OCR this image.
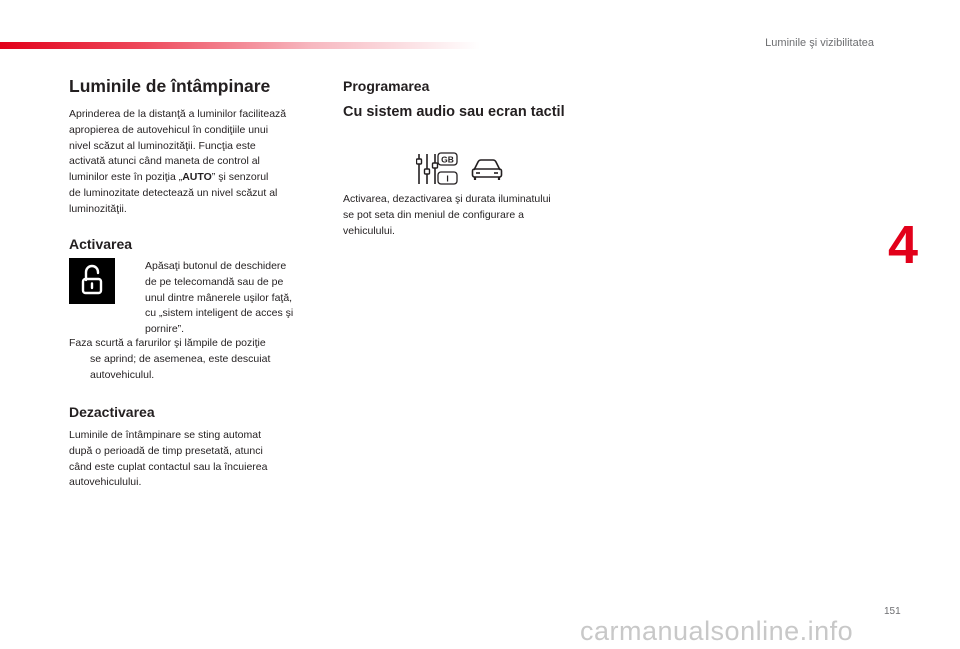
Luminile şi vizibilitatea
4
Luminile de întâmpinare

Aprinderea de la distanţă a luminilor facilitează
apropierea de autovehicul în condiţiile unui
nivel scăzut al luminozităţii. Funcţia este
activată atunci când maneta de control al
luminilor este în poziţia „AUTO” şi senzorul
de luminozitate detectează un nivel scăzut al
luminozităţii.

Activarea
Apăsaţi butonul de deschidere
de pe telecomandă sau de pe
unul dintre mânerele uşilor faţă,
cu „sistem inteligent de acces şi
pornire”.

Faza scurtă a farurilor şi lămpile de poziţie

se aprind; de asemenea, este descuiat
autovehiculul.

Dezactivarea

Luminile de întâmpinare se sting automat
după o perioadă de timp presetată, atunci
când este cuplat contactul sau la încuierea
autovehiculului.

Programarea
Cu sistem audio sau ecran tactil
GB
I

Activarea, dezactivarea şi durata iluminatului
se pot seta din meniul de configurare a
vehiculului.

151
carmanualsonline.info
